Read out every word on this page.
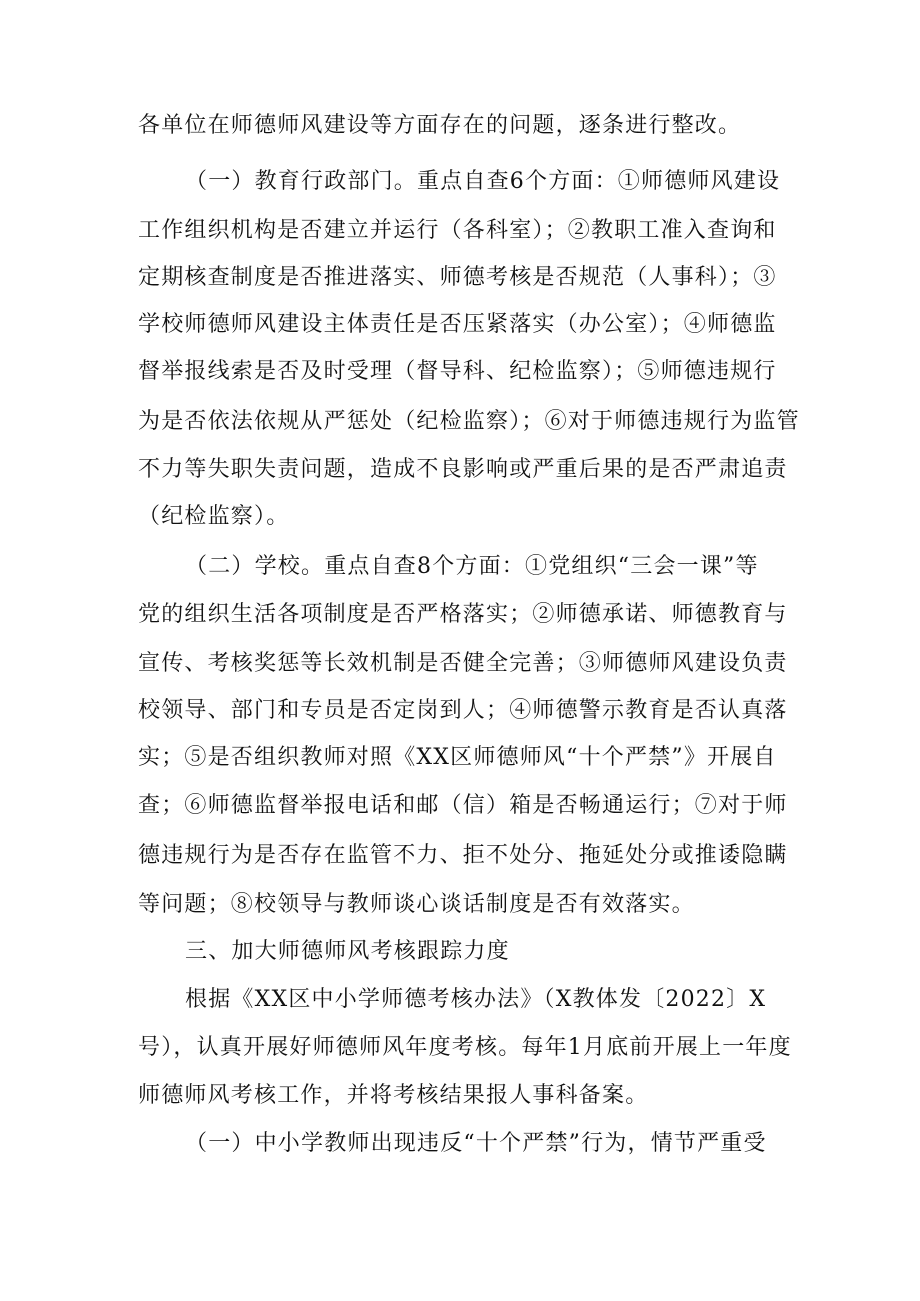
各单位在师德师风建设等方面存在的问题，逐条进行整改。
（一）教育行政部门。重点自查6个方面：①师德师风建设
工作组织机构是否建立并运行（各科室）；②教职工准入查询和
定期核查制度是否推进落实、师德考核是否规范（人事科）；③
学校师德师风建设主体责任是否压紧落实（办公室）；④师德监
督举报线索是否及时受理（督导科、纪检监察）；⑤师德违规行
为是否依法依规从严惩处（纪检监察）；⑥对于师德违规行为监管
不力等失职失责问题，造成不良影响或严重后果的是否严肃追责
（纪检监察）。
（二）学校。重点自查8个方面：①党组织“三会一课”等
党的组织生活各项制度是否严格落实；②师德承诺、师德教育与
宣传、考核奖惩等长效机制是否健全完善；③师德师风建设负责
校领导、部门和专员是否定岗到人；④师德警示教育是否认真落
实；⑤是否组织教师对照《XX区师德师风“十个严禁”》开展自
查；⑥师德监督举报电话和邮（信）箱是否畅通运行；⑦对于师
德违规行为是否存在监管不力、拒不处分、拖延处分或推诿隐瞒
等问题；⑧校领导与教师谈心谈话制度是否有效落实。
三、加大师德师风考核跟踪力度
根据《XX区中小学师德考核办法》（X教体发〔2022〕X
号），认真开展好师德师风年度考核。每年1月底前开展上一年度
师德师风考核工作，并将考核结果报人事科备案。
（一）中小学教师出现违反“十个严禁”行为，情节严重受
